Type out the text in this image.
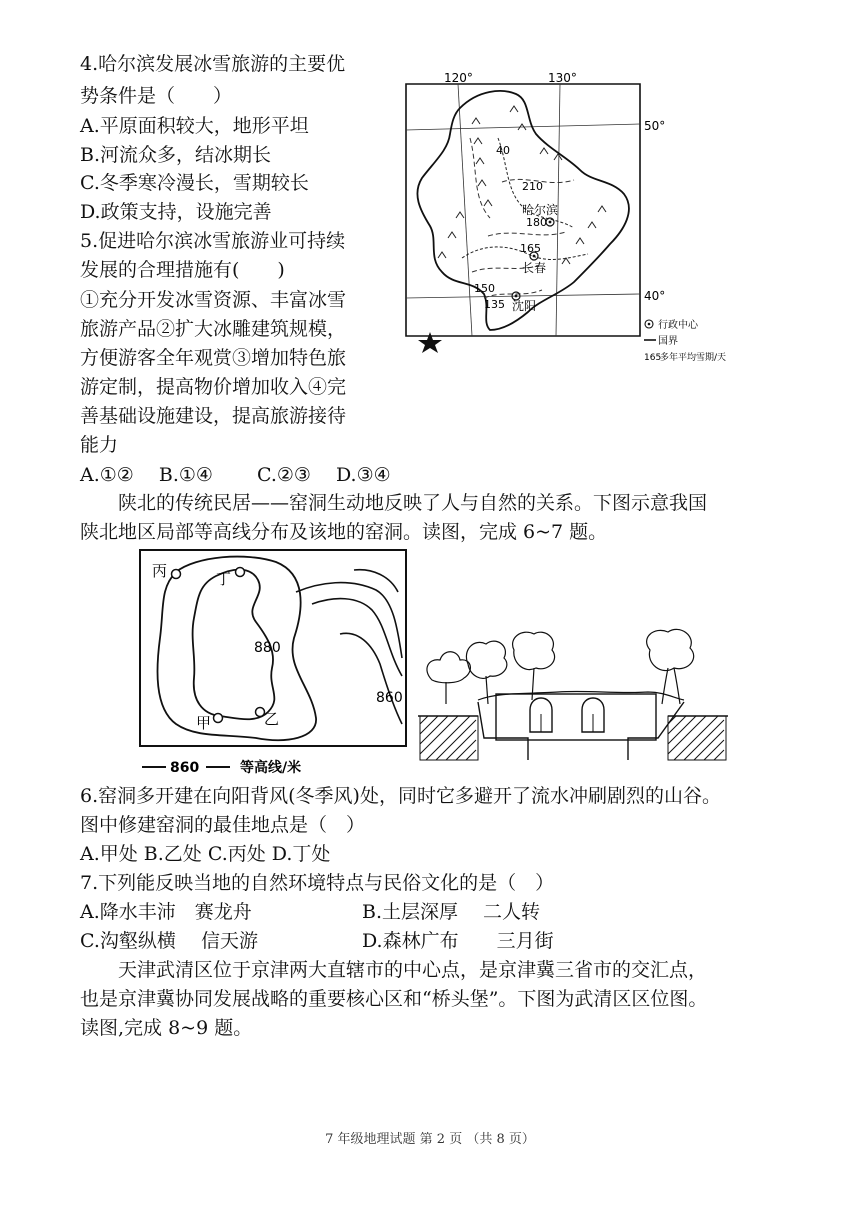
4.哈尔滨发展冰雪旅游的主要优
势条件是（　　）
A.平原面积较大，地形平坦
B.河流众多，结冰期长
C.冬季寒冷漫长，雪期较长
D.政策支持，设施完善
5.促进哈尔滨冰雪旅游业可持续
发展的合理措施有(　　)
①充分开发冰雪资源、丰富冰雪
旅游产品②扩大冰雕建筑规模，
方便游客全年观赏③增加特色旅
游定制，提高物价增加收入④完
善基础设施建设，提高旅游接待
能力
A.①②　 B.①④　　 C.②③　 D.③④
120°	130°
50°
40°
40
210
180
165
150
135
哈尔滨
长春
沈阳
行政中心
国界
165
多年平均雪期/天
陕北的传统民居——窑洞生动地反映了人与自然的关系。下图示意我国
陕北地区局部等高线分布及该地的窑洞。读图，完成 6~7 题。
丙	丁
甲	乙
880
860
860	等高线/米
6.窑洞多开建在向阳背风(冬季风)处，同时它多避开了流水冲刷剧烈的山谷。
图中修建窑洞的最佳地点是（　）
A.甲处 B.乙处 C.丙处 D.丁处
7.下列能反映当地的自然环境特点与民俗文化的是（　）
A.降水丰沛　赛龙舟	B.土层深厚　 二人转
C.沟壑纵横　 信天游	D.森林广布　　三月街
天津武清区位于京津两大直辖市的中心点，是京津冀三省市的交汇点，
也是京津冀协同发展战略的重要核心区和“桥头堡”。下图为武清区区位图。
读图,完成 8~9 题。
7 年级地理试题 第 2 页 （共 8 页）
